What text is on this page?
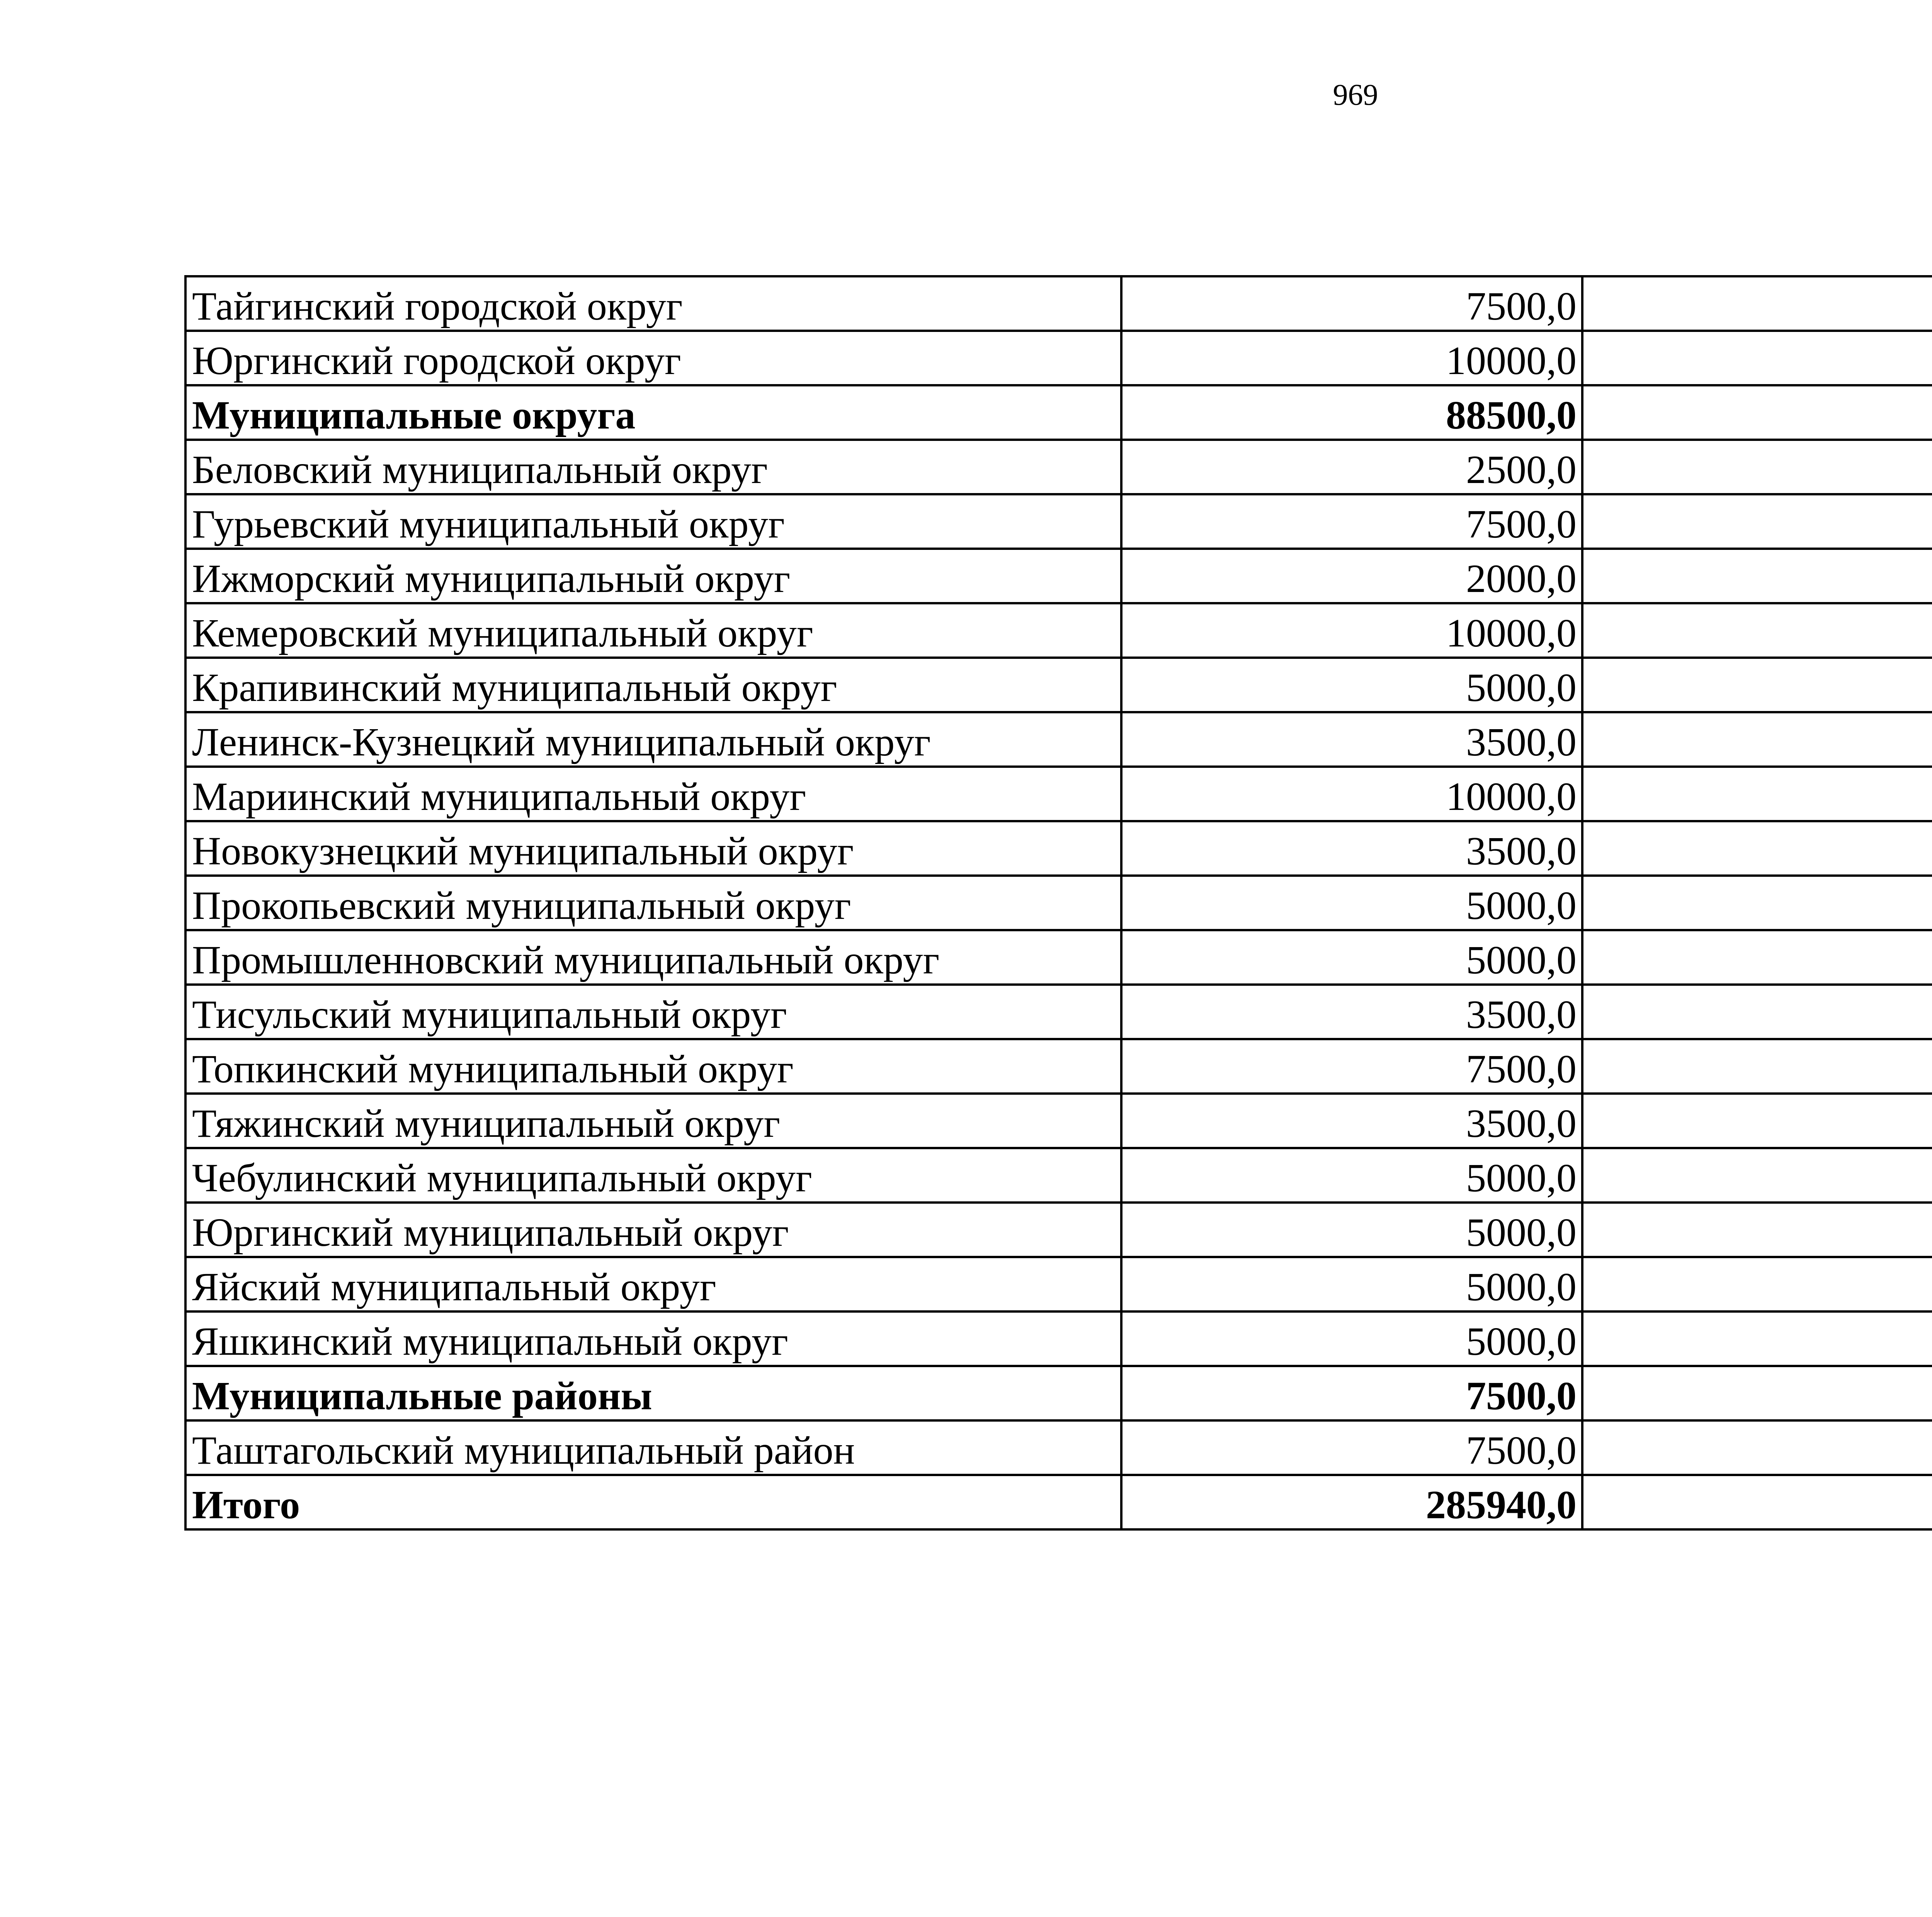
969
Тайгинский городской округ	7500,0	
Юргинский городской округ	10000,0	
Муниципальные округа	88500,0	
Беловский муниципальный округ	2500,0	
Гурьевский муниципальный округ	7500,0	
Ижморский муниципальный округ	2000,0	
Кемеровский муниципальный округ	10000,0	
Крапивинский муниципальный округ	5000,0	
Ленинск-Кузнецкий муниципальный округ	3500,0	
Мариинский муниципальный округ	10000,0	
Новокузнецкий муниципальный округ	3500,0	
Прокопьевский муниципальный округ	5000,0	
Промышленновский муниципальный округ	5000,0	
Тисульский муниципальный округ	3500,0	
Топкинский муниципальный округ	7500,0	
Тяжинский муниципальный округ	3500,0	
Чебулинский муниципальный округ	5000,0	
Юргинский муниципальный округ	5000,0	
Яйский муниципальный округ	5000,0	
Яшкинский муниципальный округ	5000,0	
Муниципальные районы	7500,0	
Таштагольский муниципальный район	7500,0	
Итого	285940,0	
